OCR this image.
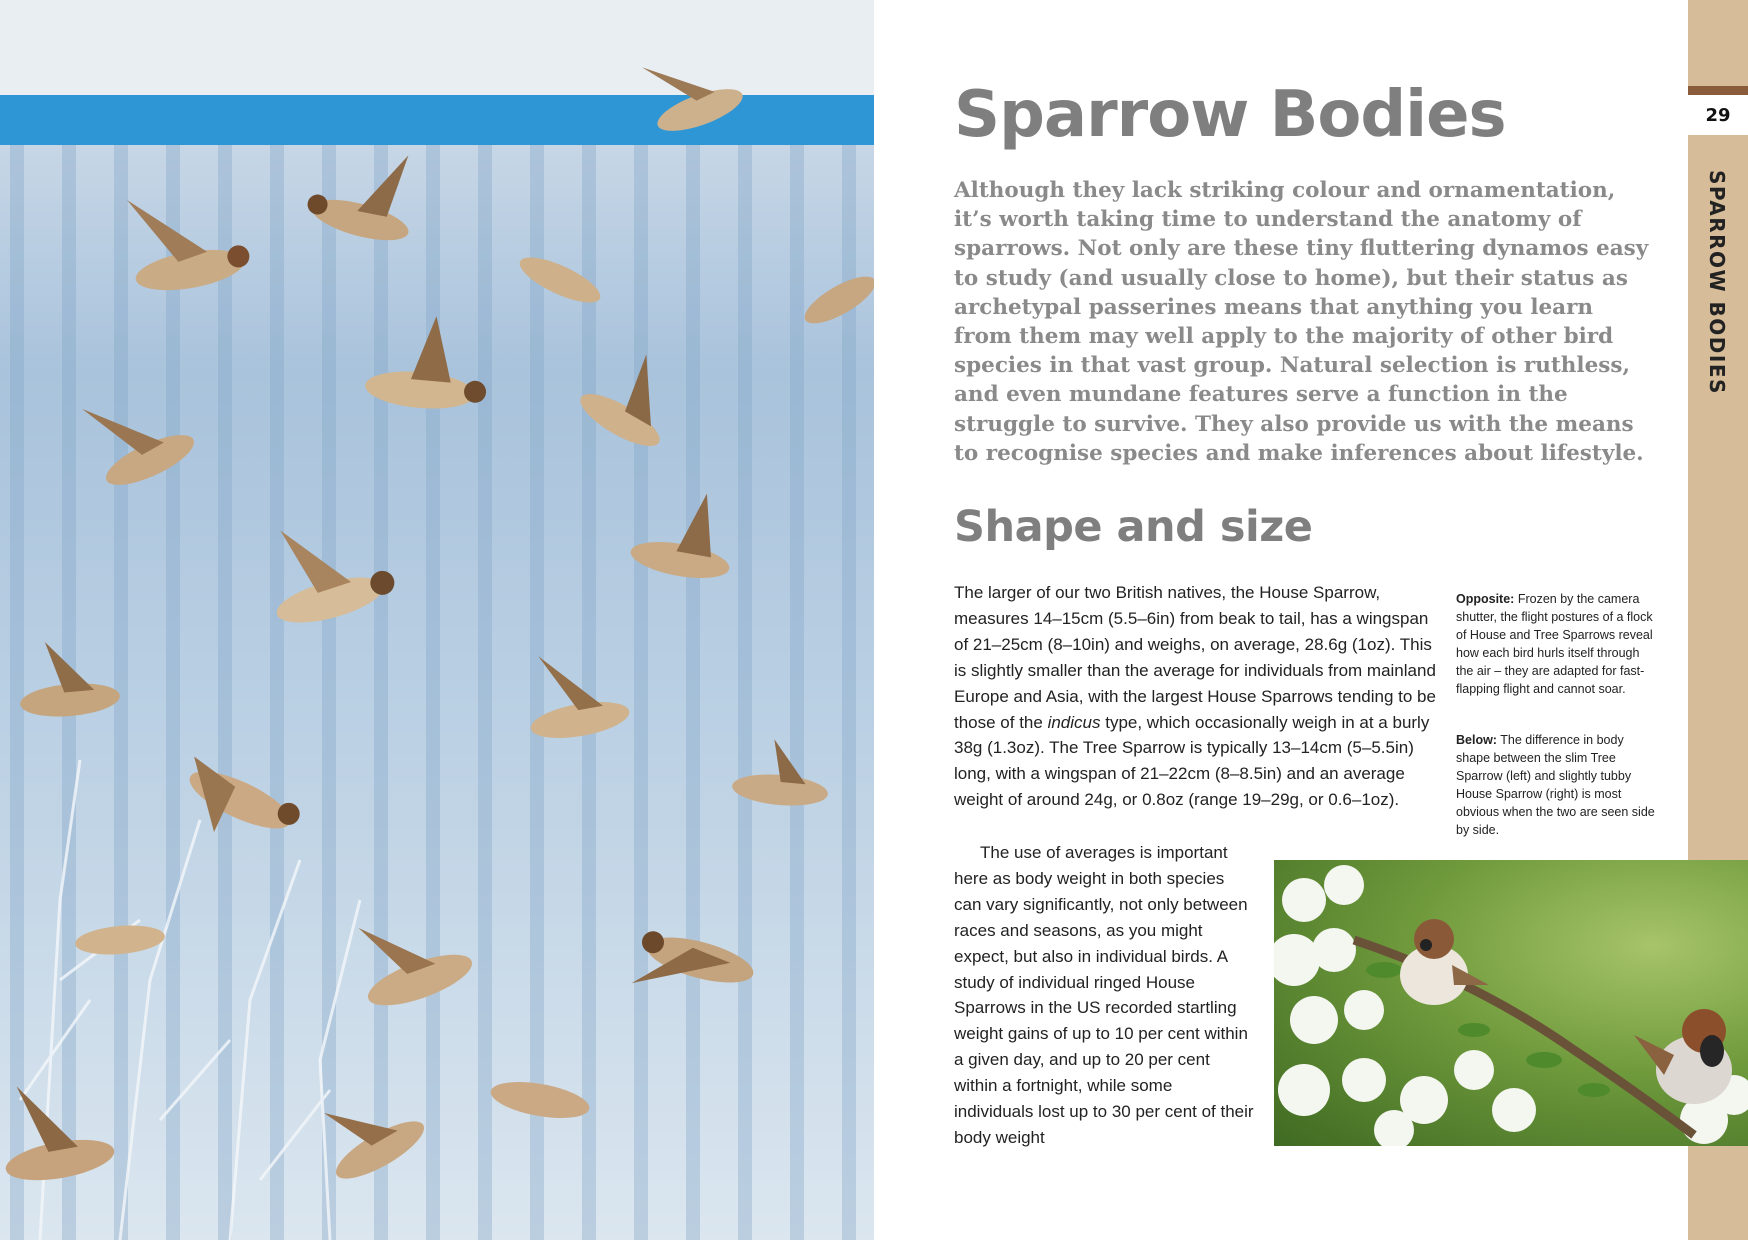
Sparrow Bodies

Although they lack striking colour and ornamentation, it’s worth taking time to understand the anatomy of sparrows. Not only are these tiny fluttering dynamos easy to study (and usually close to home), but their status as archetypal passerines means that anything you learn from them may well apply to the majority of other bird species in that vast group. Natural selection is ruthless, and even mundane features serve a function in the struggle to survive. They also provide us with the means to recognise species and make inferences about lifestyle.

Shape and size

The larger of our two British natives, the House Sparrow, measures 14–15cm (5.5–6in) from beak to tail, has a wingspan of 21–25cm (8–10in) and weighs, on average, 28.6g (1oz). This is slightly smaller than the average for individuals from mainland Europe and Asia, with the largest House Sparrows tending to be those of the indicus type, which occasionally weigh in at a burly 38g (1.3oz). The Tree Sparrow is typically 13–14cm (5–5.5in) long, with a wingspan of 21–22cm (8–8.5in) and an average weight of around 24g, or 0.8oz (range 19–29g, or 0.6–1oz).

The use of averages is important here as body weight in both species can vary significantly, not only between races and seasons, as you might expect, but also in individual birds. A study of individual ringed House Sparrows in the US recorded startling weight gains of up to 10 per cent within a given day, and up to 20 per cent within a fortnight, while some individuals lost up to 30 per cent of their body weight

Opposite: Frozen by the camera shutter, the flight postures of a flock of House and Tree Sparrows reveal how each bird hurls itself through the air – they are adapted for fast-flapping flight and cannot soar.

Below: The difference in body shape between the slim Tree Sparrow (left) and slightly tubby House Sparrow (right) is most obvious when the two are seen side by side.

29
SPARROW BODIES
